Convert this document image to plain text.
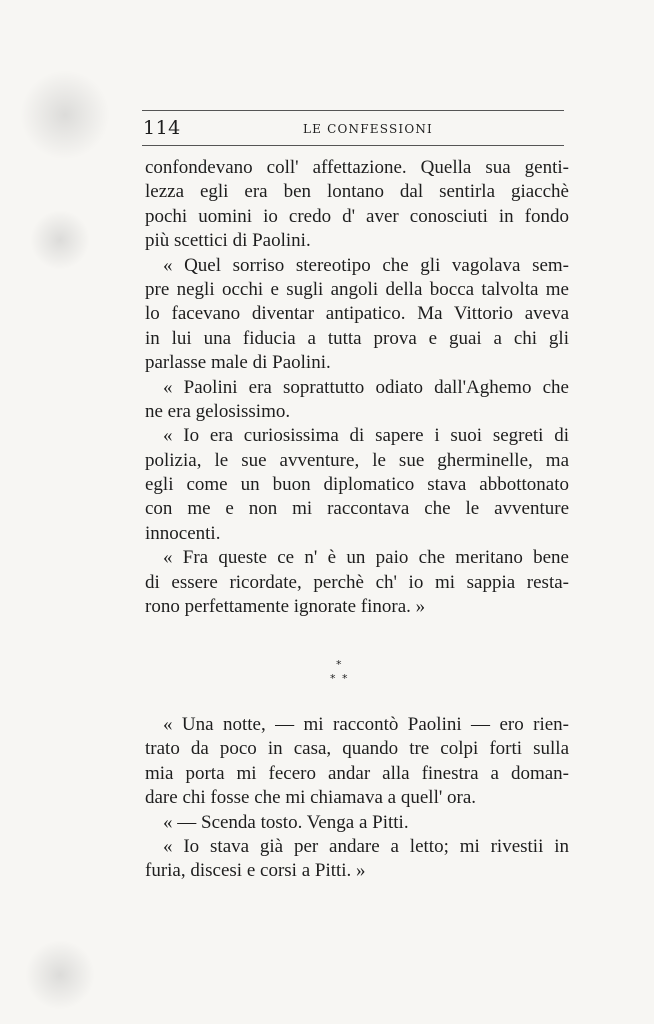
114	LE CONFESSIONI
confondevano coll' affettazione. Quella sua genti-
lezza egli era ben lontano dal sentirla giacchè
pochi uomini io credo d' aver conosciuti in fondo
più scettici di Paolini.
« Quel sorriso stereotipo che gli vagolava sem-
pre negli occhi e sugli angoli della bocca talvolta me
lo facevano diventar antipatico. Ma Vittorio aveva
in lui una fiducia a tutta prova e guai a chi gli
parlasse male di Paolini.
« Paolini era soprattutto odiato dall'Aghemo che
ne era gelosissimo.
« Io era curiosissima di sapere i suoi segreti di
polizia, le sue avventure, le sue gherminelle, ma
egli come un buon diplomatico stava abbottonato
con me e non mi raccontava che le avventure
innocenti.
« Fra queste ce n' è un paio che meritano bene
di essere ricordate, perchè ch' io mi sappia resta-
rono perfettamente ignorate finora. »
*
* *
« Una notte, — mi raccontò Paolini — ero rien-
trato da poco in casa, quando tre colpi forti sulla
mia porta mi fecero andar alla finestra a doman-
dare chi fosse che mi chiamava a quell' ora.
« — Scenda tosto. Venga a Pitti.
« Io stava già per andare a letto; mi rivestii in
furia, discesi e corsi a Pitti. »
